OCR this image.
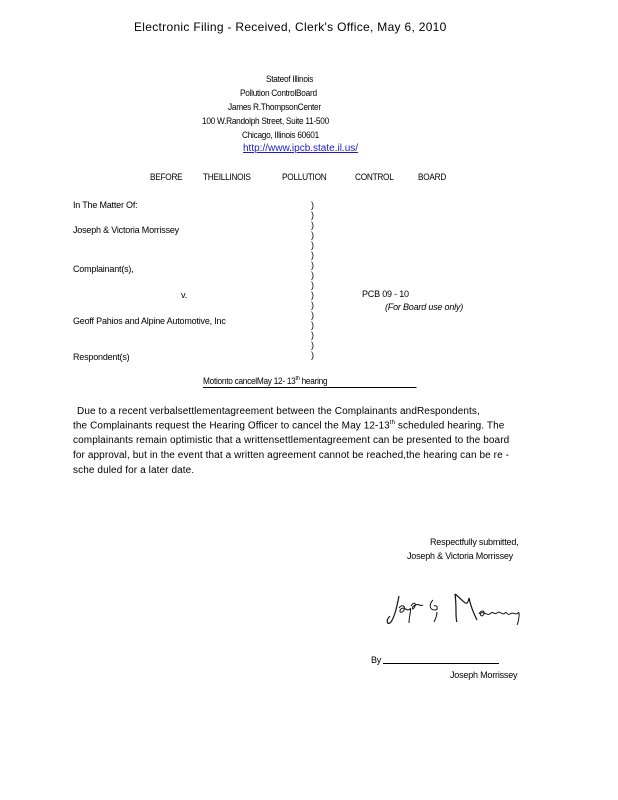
Electronic Filing - Received, Clerk's Office, May 6, 2010
Stateof Illinois
Pollution ControlBoard
James R.ThompsonCenter
100 W.Randolph Street, Suite 11-500
Chicago, Illinois 60601
http://www.ipcb.state.il.us/
BEFORE THEILLINOIS	POLLUTION	CONTROL	BOARD
In The Matter Of:
Joseph & Victoria Morrissey
Complainant(s),
v.
Geoff Pahios and Alpine Automotive, Inc
Respondent(s)
)
)
)
)
)
)
)
)
)
)
)
)
)
)
)
)
PCB 09 - 10
(For Board use only)
Motionto cancelMay 12- 13th hearing
Due to a recent verbalsettlementagreement between the Complainants andRespondents,
the Complainants request the Hearing Officer to cancel the May 12-13th scheduled hearing. The
complainants remain optimistic that a writtensettlementagreement can be presented to the board
for approval, but in the event that a written agreement cannot be reached,the hearing can be re -
sche duled for a later date.
Respectfully submitted,
Joseph & Victoria Morrissey
By
Joseph Morrissey
